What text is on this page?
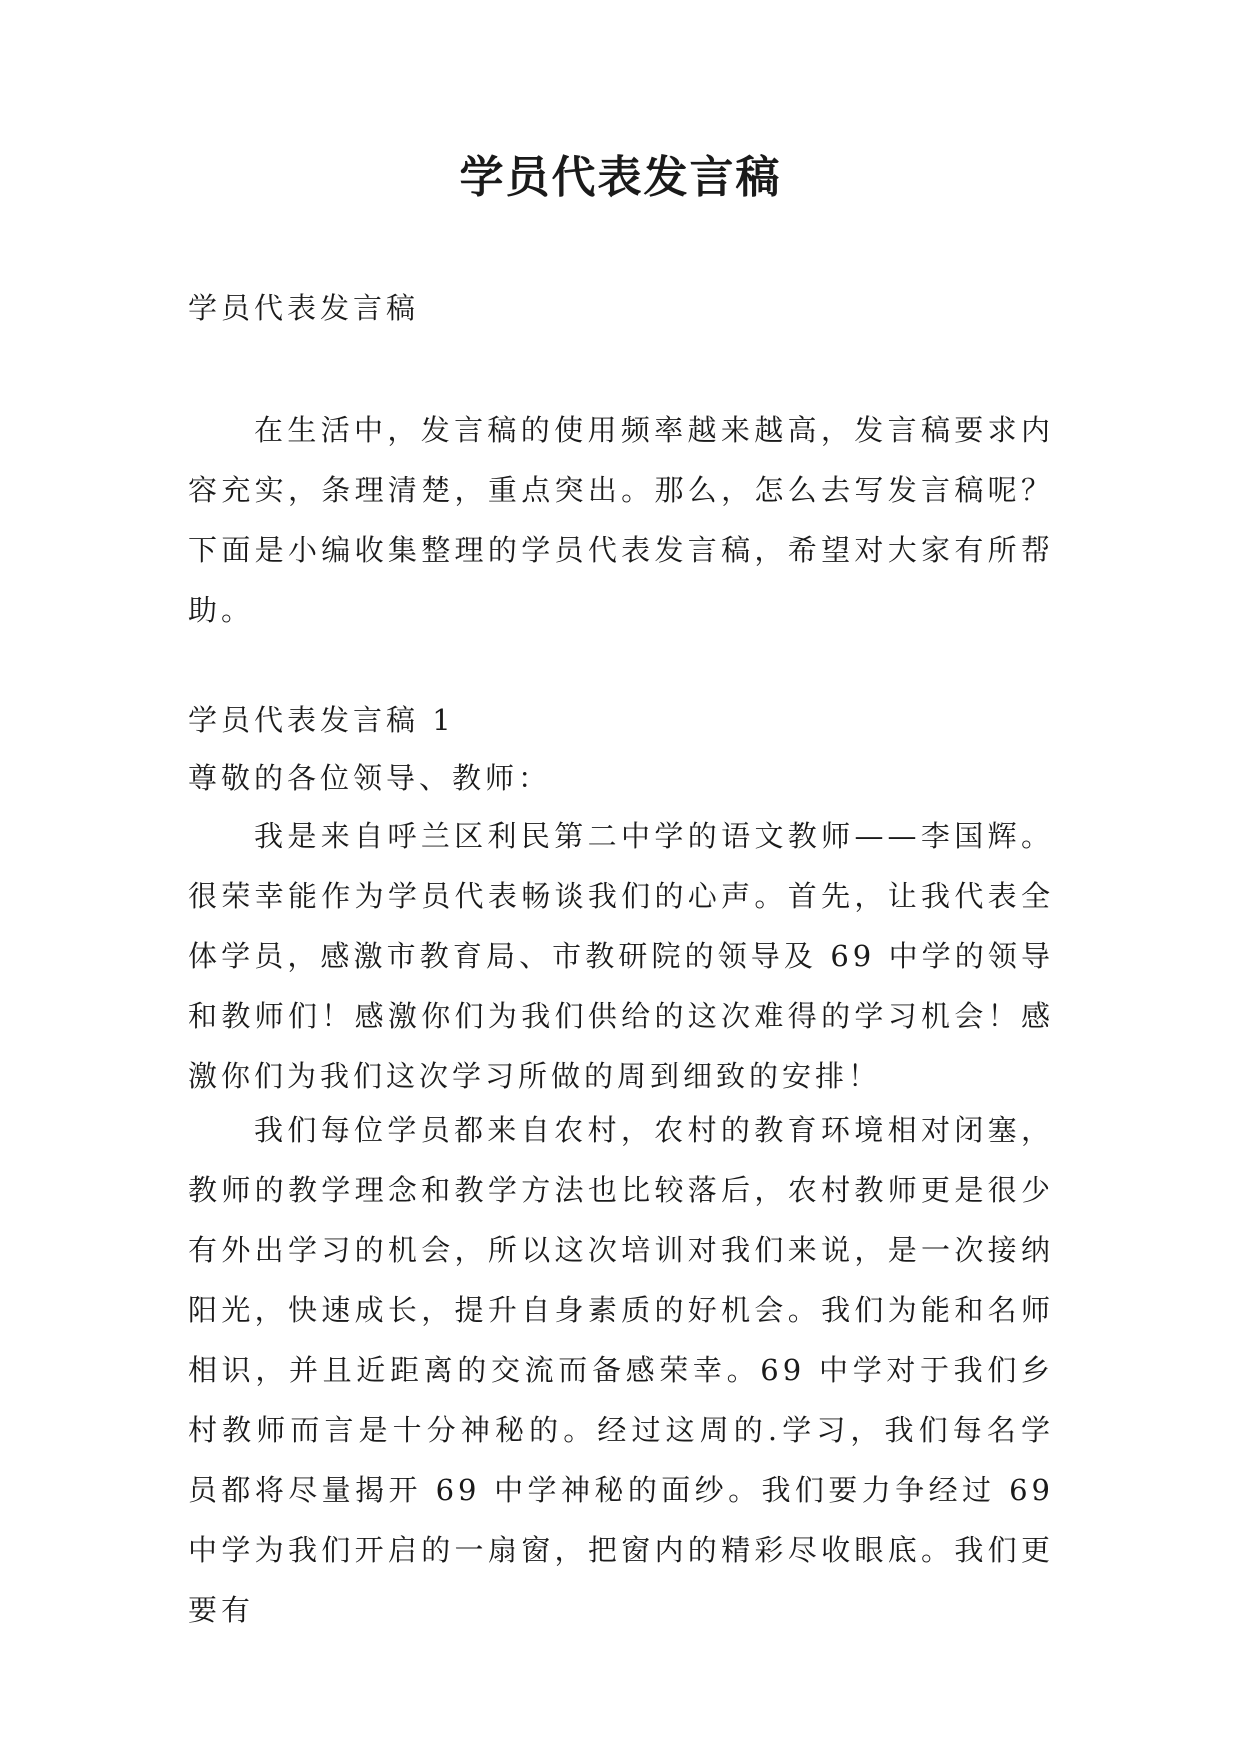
学员代表发言稿

学员代表发言稿

在生活中，发言稿的使用频率越来越高，发言稿要求内容充实，条理清楚，重点突出。那么，怎么去写发言稿呢？下面是小编收集整理的学员代表发言稿，希望对大家有所帮助。

学员代表发言稿 1

尊敬的各位领导、教师：

我是来自呼兰区利民第二中学的语文教师——李国辉。很荣幸能作为学员代表畅谈我们的心声。首先，让我代表全体学员，感激市教育局、市教研院的领导及 69 中学的领导和教师们！感激你们为我们供给的这次难得的学习机会！感激你们为我们这次学习所做的周到细致的安排！

我们每位学员都来自农村，农村的教育环境相对闭塞，教师的教学理念和教学方法也比较落后，农村教师更是很少有外出学习的机会，所以这次培训对我们来说，是一次接纳阳光，快速成长，提升自身素质的好机会。我们为能和名师相识，并且近距离的交流而备感荣幸。69 中学对于我们乡村教师而言是十分神秘的。经过这周的.学习，我们每名学员都将尽量揭开 69 中学神秘的面纱。我们要力争经过 69 中学为我们开启的一扇窗，把窗内的精彩尽收眼底。我们更要有
